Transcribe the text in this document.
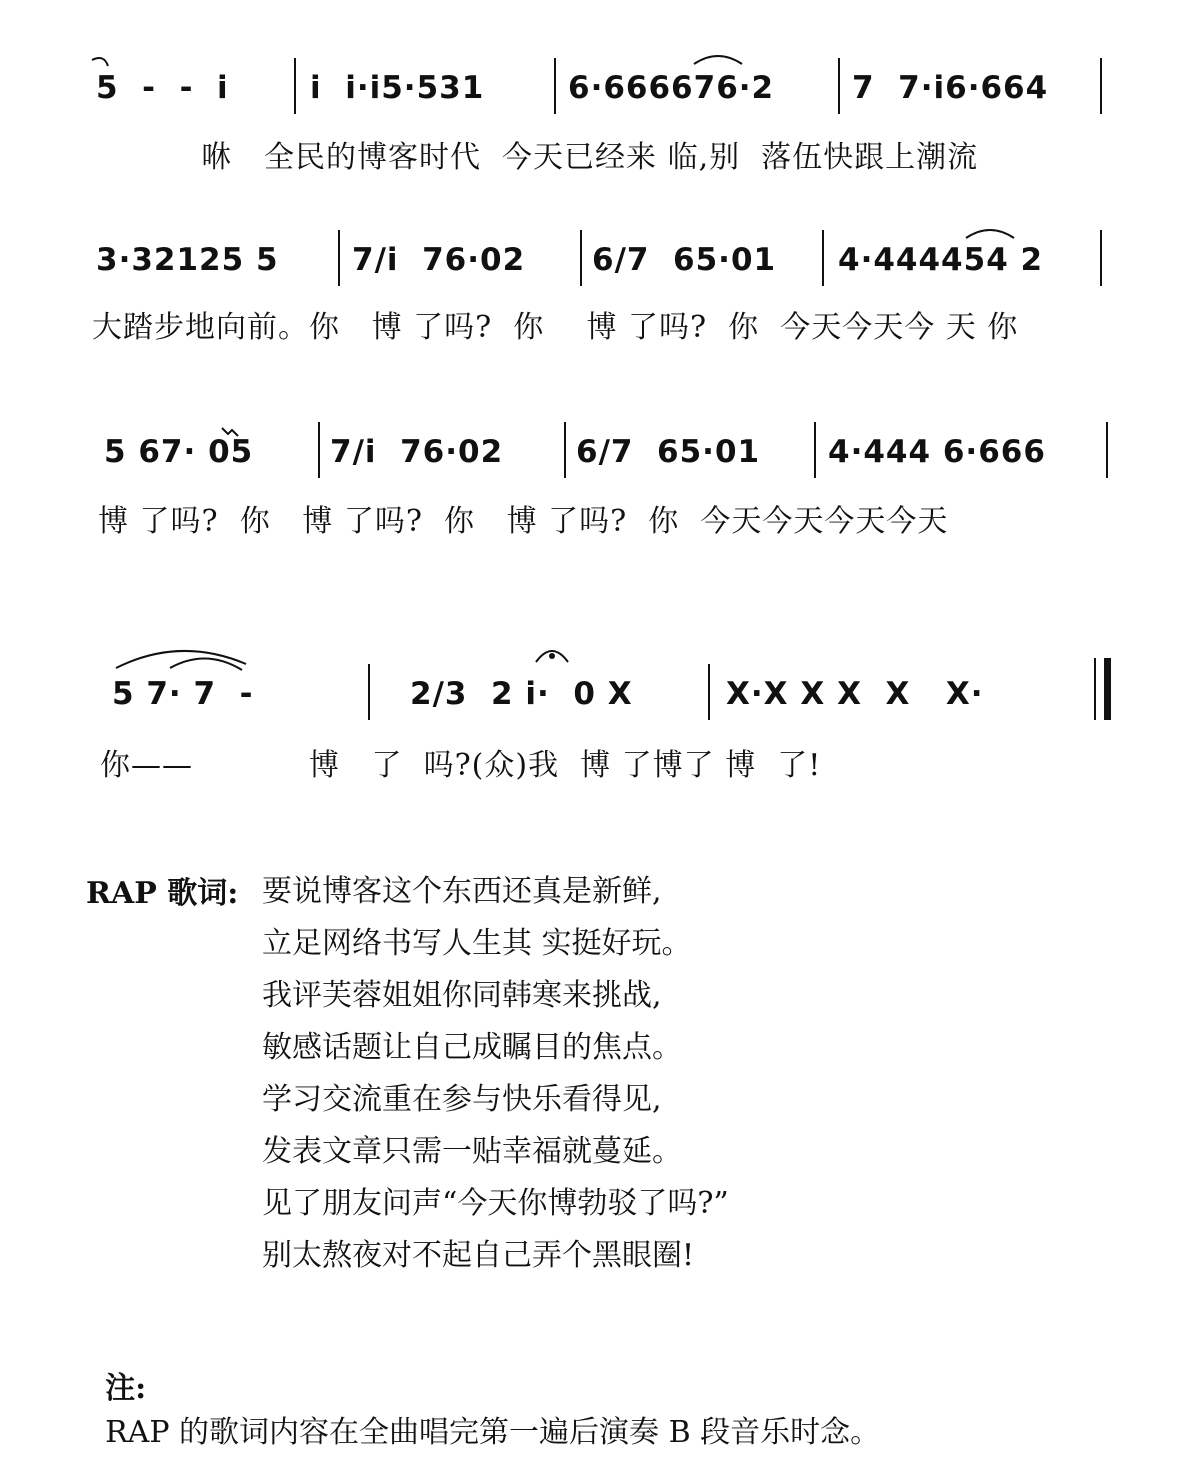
5  -  -  i	i  i·i5·531	6·666676·2	7  7·i6·664
咻   全民的博客时代  今天已经来 临,别  落伍快跟上潮流
3·32125 5 7/i  76·02 6/7  65·01 4·444454 2
大踏步地向前。你   博 了吗?  你    博 了吗?  你  今天今天今 天 你
5 67· 05 7/i  76·02 6/7  65·01 4·444 6·666
博 了吗?  你   博 了吗?  你   博 了吗?  你  今天今天今天今天
5 7· 7  -	2/3  2 i·  0 X	X·X X X  X   X·
你——           博   了  吗?(众)我  博 了博了 博  了!
RAP 歌词: 要说博客这个东西还真是新鲜,
立足网络书写人生其 实挺好玩。
我评芙蓉姐姐你同韩寒来挑战,
敏感话题让自己成瞩目的焦点。
学习交流重在参与快乐看得见,
发表文章只需一贴幸福就蔓延。
见了朋友问声“今天你博勃驳了吗?”
别太熬夜对不起自己弄个黑眼圈!

注:
RAP 的歌词内容在全曲唱完第一遍后演奏 B 段音乐时念。
